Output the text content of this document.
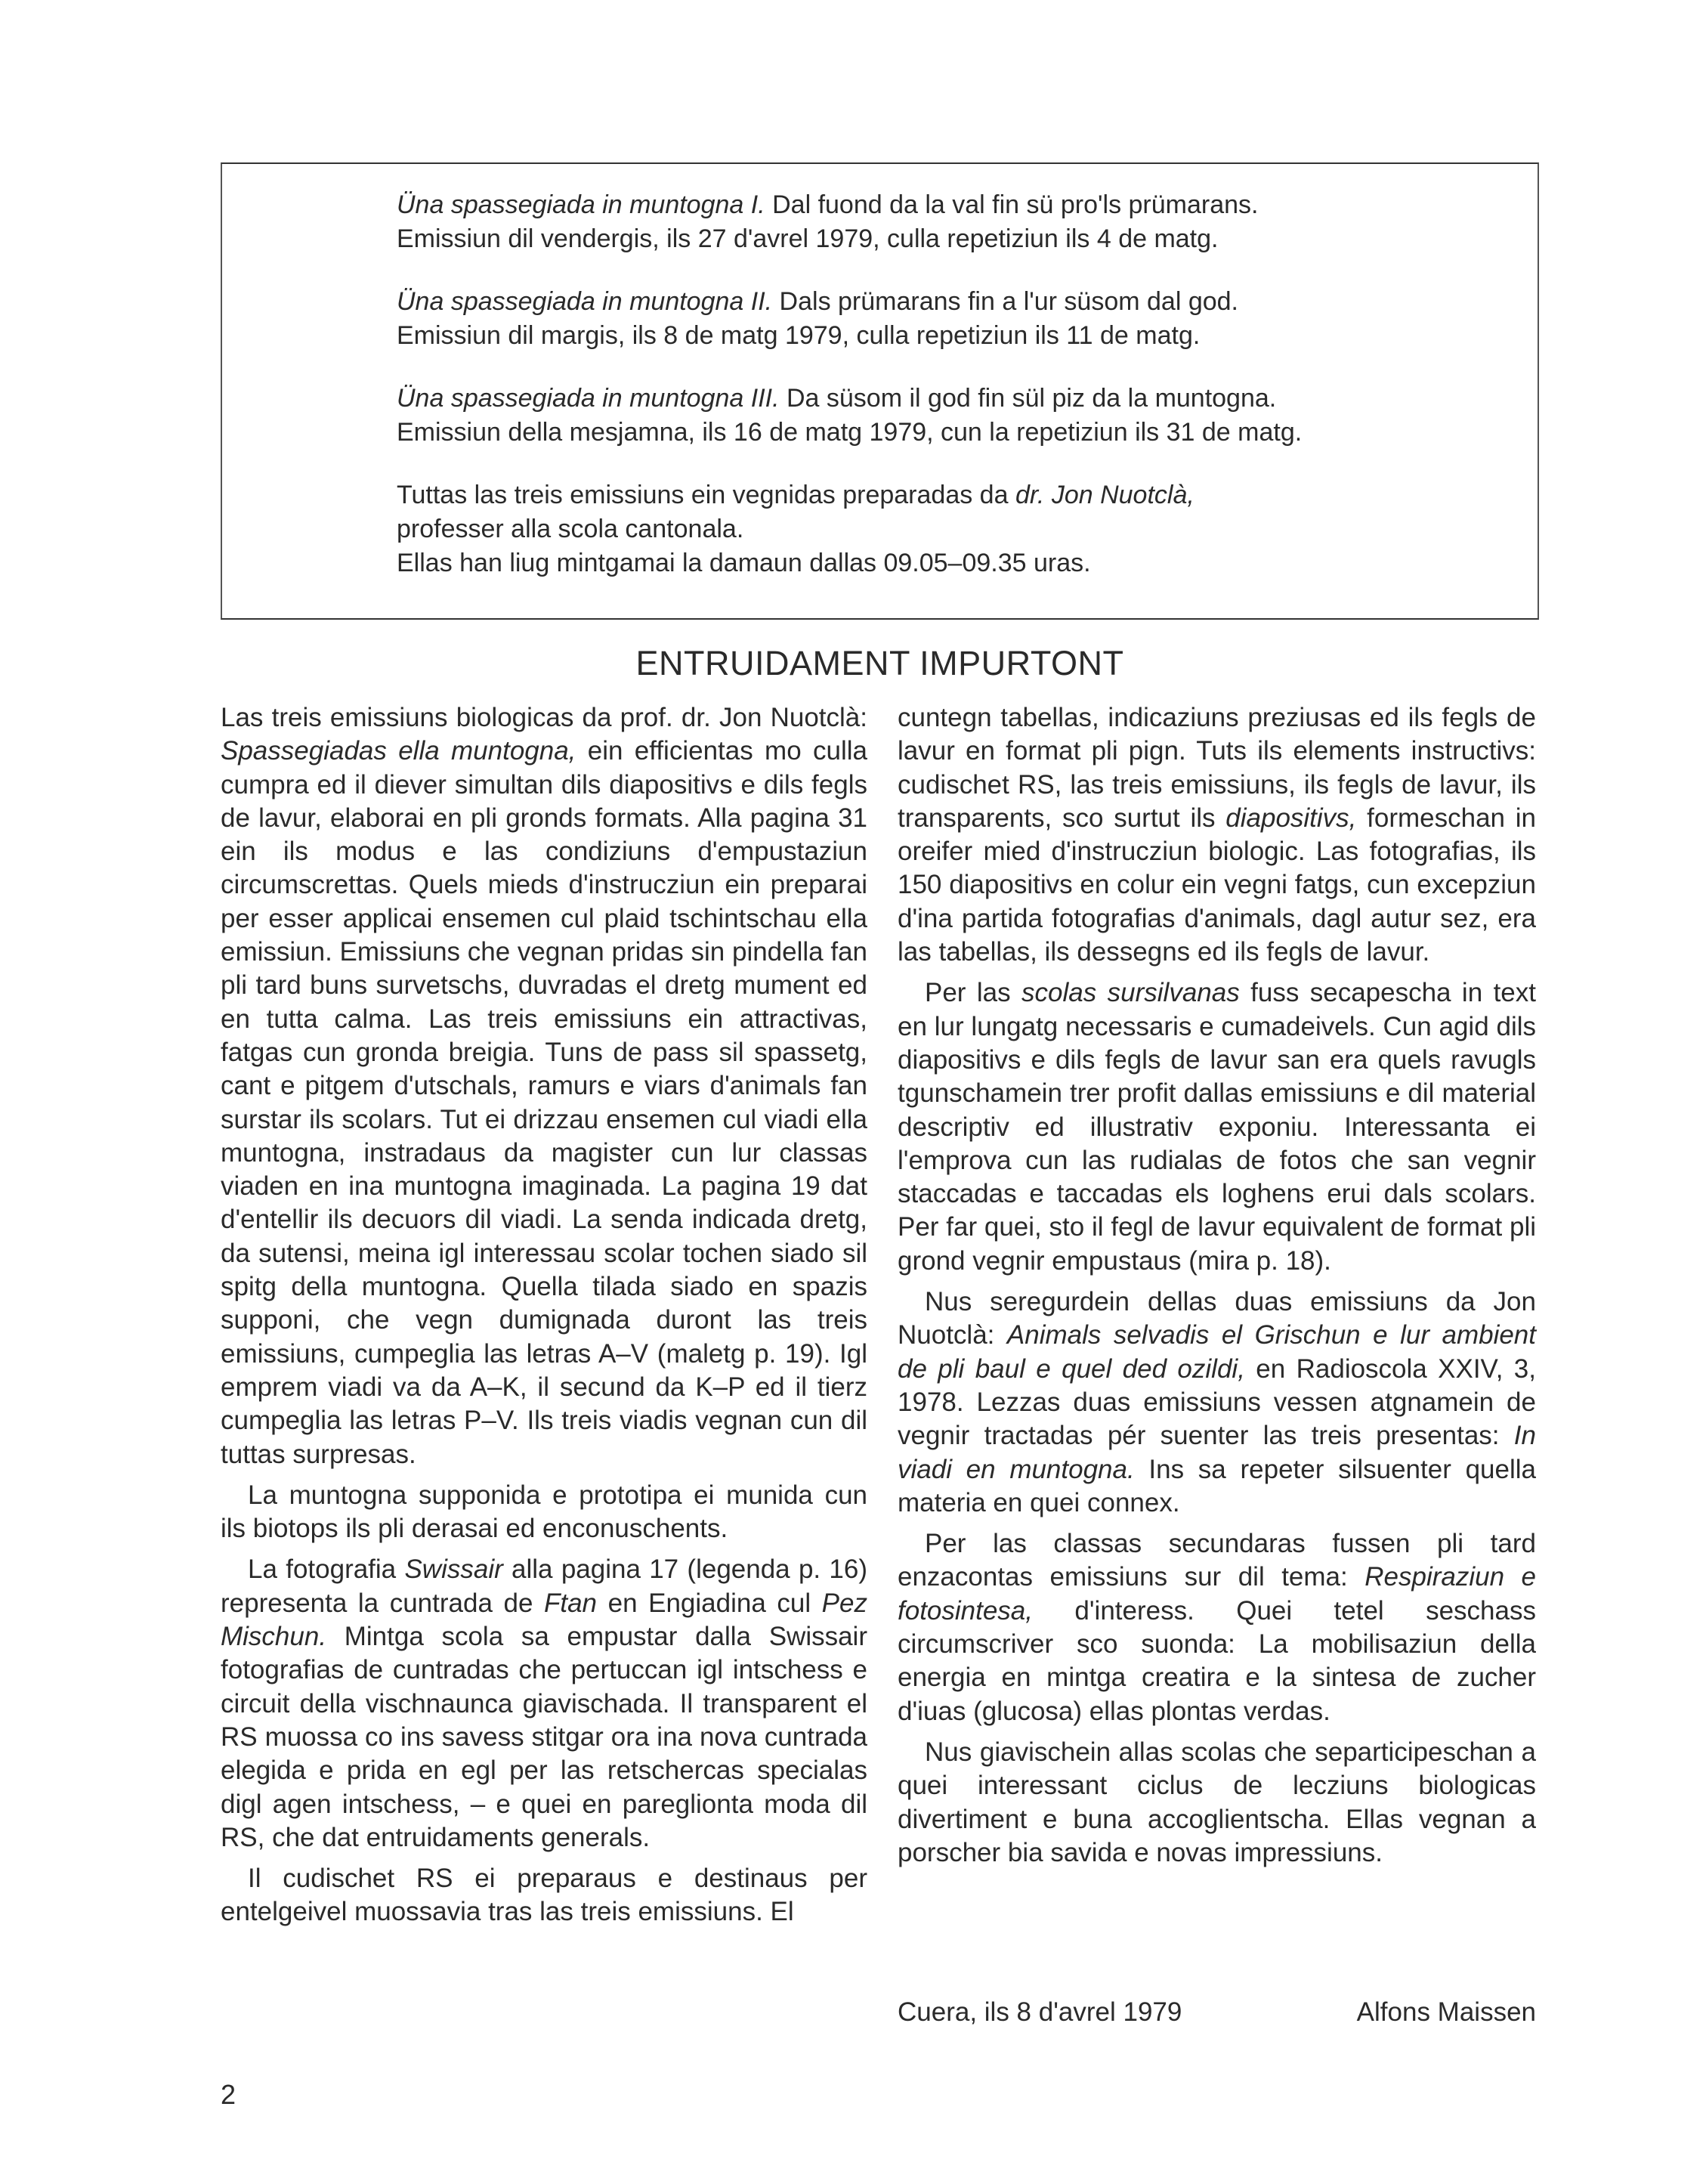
Üna spassegiada in muntogna I. Dal fuond da la val fin sü pro'ls prümarans.
Emissiun dil vendergis, ils 27 d'avrel 1979, culla repetiziun ils 4 de matg.

Üna spassegiada in muntogna II. Dals prümarans fin a l'ur süsom dal god.
Emissiun dil margis, ils 8 de matg 1979, culla repetiziun ils 11 de matg.

Üna spassegiada in muntogna III. Da süsom il god fin sül piz da la muntogna.
Emissiun della mesjamna, ils 16 de matg 1979, cun la repetiziun ils 31 de matg.

Tuttas las treis emissiuns ein vegnidas preparadas da dr. Jon Nuotclà,
professer alla scola cantonala.
Ellas han liug mintgamai la damaun dallas 09.05–09.35 uras.

ENTRUIDAMENT IMPURTONT

Las treis emissiuns biologicas da prof. dr. Jon Nuotclà: Spassegiadas ella muntogna, ein efficientas mo culla cumpra ed il diever simultan dils diapositivs e dils fegls de lavur, elaborai en pli gronds formats. Alla pagina 31 ein ils modus e las condiziuns d'empustaziun circumscrettas. Quels mieds d'instrucziun ein preparai per esser applicai ensemen cul plaid tschintschau ella emissiun. Emissiuns che vegnan pridas sin pindella fan pli tard buns survetschs, duvradas el dretg mument ed en tutta calma. Las treis emissiuns ein attractivas, fatgas cun gronda breigia. Tuns de pass sil spassetg, cant e pitgem d'utschals, ramurs e viars d'animals fan surstar ils scolars. Tut ei drizzau ensemen cul viadi ella muntogna, instradaus da magister cun lur classas viaden en ina muntogna imaginada. La pagina 19 dat d'entellir ils decuors dil viadi. La senda indicada dretg, da sutensi, meina igl interessau scolar tochen siado sil spitg della muntogna. Quella tilada siado en spazis supponi, che vegn dumignada duront las treis emissiuns, cumpeglia las letras A–V (maletg p. 19). Igl emprem viadi va da A–K, il secund da K–P ed il tierz cumpeglia las letras P–V. Ils treis viadis vegnan cun dil tuttas surpresas.

La muntogna supponida e prototipa ei munida cun ils biotops ils pli derasai ed enconuschents.

La fotografia Swissair alla pagina 17 (legenda p. 16) representa la cuntrada de Ftan en Engiadina cul Pez Mischun. Mintga scola sa empustar dalla Swissair fotografias de cuntradas che pertuccan igl intschess e circuit della vischnaunca giavischada. Il transparent el RS muossa co ins savess stitgar ora ina nova cuntrada elegida e prida en egl per las retschercas specialas digl agen intschess, – e quei en pareglionta moda dil RS, che dat entruidaments generals.

Il cudischet RS ei preparaus e destinaus per entelgeivel muossavia tras las treis emissiuns. El

cuntegn tabellas, indicaziuns preziusas ed ils fegls de lavur en format pli pign. Tuts ils elements instructivs: cudischet RS, las treis emissiuns, ils fegls de lavur, ils transparents, sco surtut ils diapositivs, formeschan in oreifer mied d'instrucziun biologic. Las fotografias, ils 150 diapositivs en colur ein vegni fatgs, cun excepziun d'ina partida fotografias d'animals, dagl autur sez, era las tabellas, ils dessegns ed ils fegls de lavur.

Per las scolas sursilvanas fuss secapescha in text en lur lungatg necessaris e cumadeivels. Cun agid dils diapositivs e dils fegls de lavur san era quels ravugls tgunschamein trer profit dallas emissiuns e dil material descriptiv ed illustrativ exponiu. Interessanta ei l'emprova cun las rudialas de fotos che san vegnir staccadas e taccadas els loghens erui dals scolars. Per far quei, sto il fegl de lavur equivalent de format pli grond vegnir empustaus (mira p. 18).

Nus seregurdein dellas duas emissiuns da Jon Nuotclà: Animals selvadis el Grischun e lur ambient de pli baul e quel ded ozildi, en Radioscola XXIV, 3, 1978. Lezzas duas emissiuns vessen atgnamein de vegnir tractadas pér suenter las treis presentas: In viadi en muntogna. Ins sa repeter silsuenter quella materia en quei connex.

Per las classas secundaras fussen pli tard enzacontas emissiuns sur dil tema: Respiraziun e fotosintesa, d'interess. Quei tetel seschass circumscriver sco suonda: La mobilisaziun della energia en mintga creatira e la sintesa de zucher d'iuas (glucosa) ellas plontas verdas.

Nus giavischein allas scolas che separticipeschan a quei interessant ciclus de lecziuns biologicas divertiment e buna accoglientscha. Ellas vegnan a porscher bia savida e novas impressiuns.

Cuera, ils 8 d'avrel 1979	Alfons Maissen
2
